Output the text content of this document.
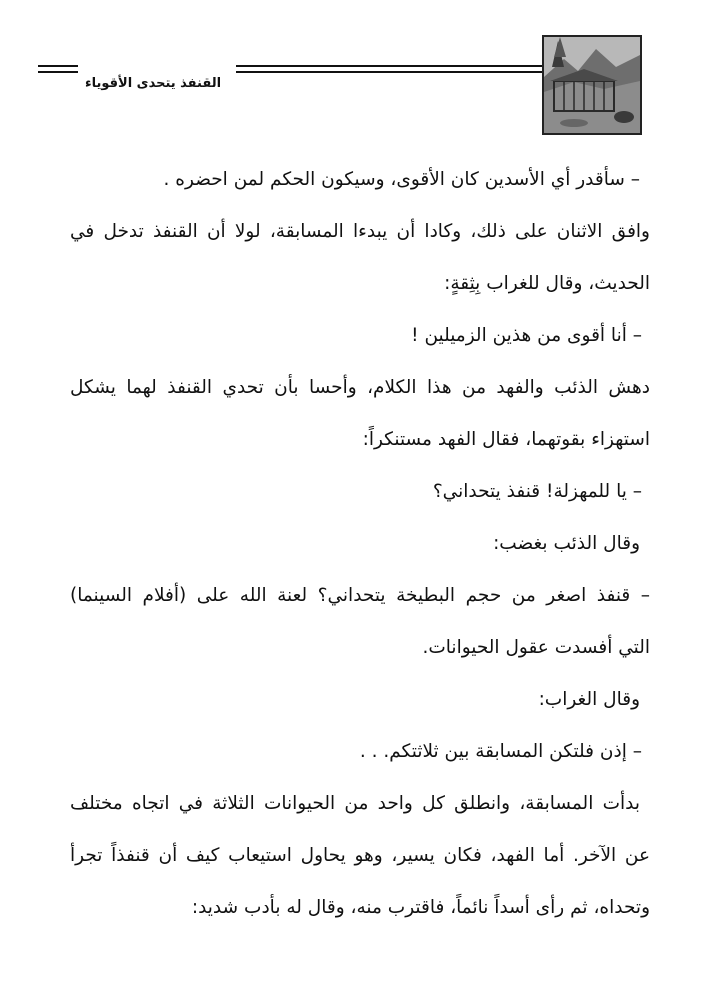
القنفذ يتحدى الأقوياء
– سأقدر أي الأسدين كان الأقوى، وسيكون الحكم لمن احضره .
وافق الاثنان على ذلك، وكادا أن يبدءا المسابقة، لولا أن القنفذ تدخل في
الحديث، وقال للغراب بِثِقةٍ:
– أنا أقوى من هذين الزميلين !
دهش الذئب والفهد من هذا الكلام، وأحسا بأن تحدي القنفذ لهما يشكل
استهزاء بقوتهما، فقال الفهد مستنكراً:
– يا للمهزلة! قنفذ يتحداني؟
وقال الذئب بغضب:
– قنفذ اصغر من حجم البطيخة يتحداني؟ لعنة الله على (أفلام السينما)
التي أفسدت عقول الحيوانات.
وقال الغراب:
– إذن فلتكن المسابقة بين ثلاثتكم. . .
بدأت المسابقة، وانطلق كل واحد من الحيوانات الثلاثة في اتجاه مختلف
عن الآخر. أما الفهد، فكان يسير، وهو يحاول استيعاب كيف أن قنفذاً تجرأ
وتحداه، ثم رأى أسداً نائماً، فاقترب منه، وقال له بأدب شديد:
